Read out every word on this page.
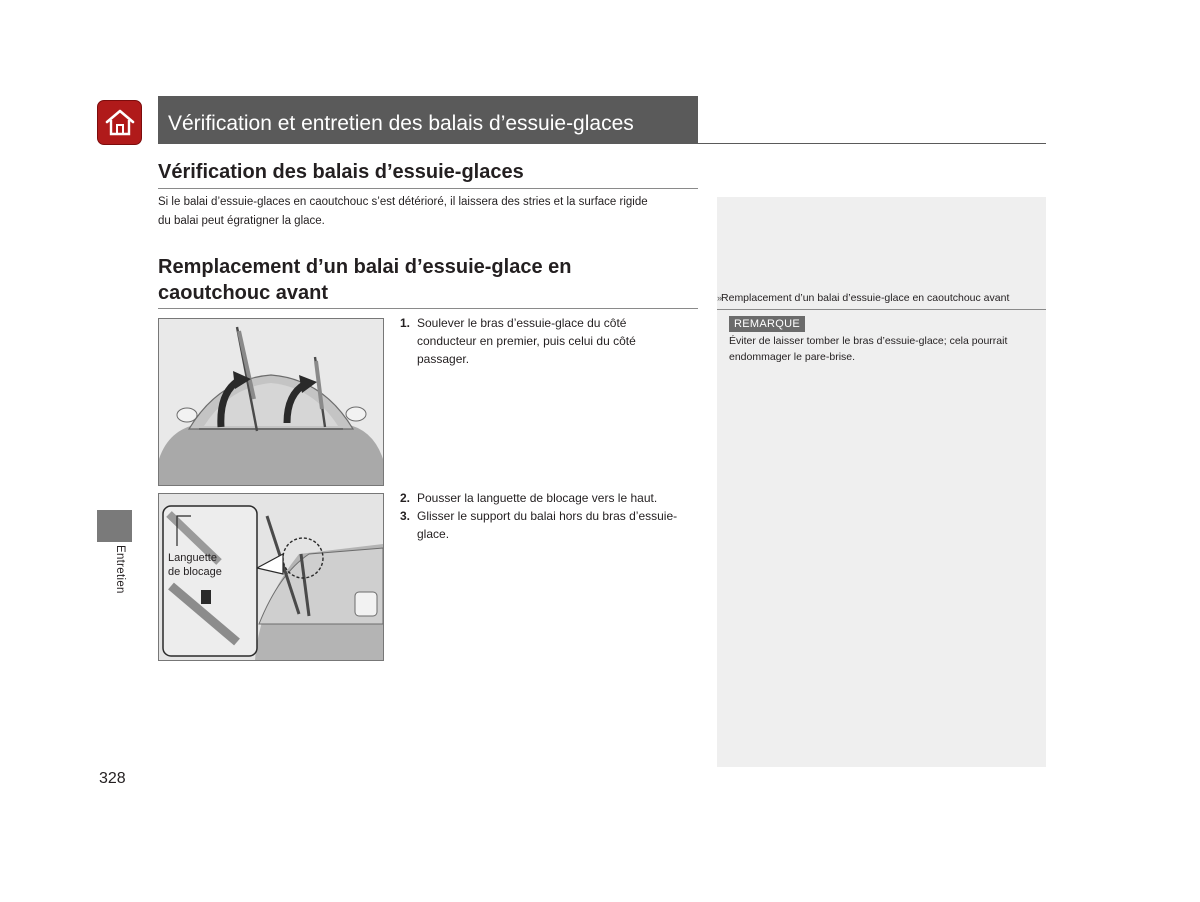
Vérification et entretien des balais d’essuie-glaces
Vérification des balais d’essuie-glaces
Si le balai d’essuie-glaces en caoutchouc s’est détérioré, il laissera des stries et la surface rigide
du balai peut égratigner la glace.
Remplacement d’un balai d’essuie-glace en
caoutchouc avant	»Remplacement d’un balai d’essuie-glace en caoutchouc avant
REMARQUE
Éviter de laisser tomber le bras d’essuie-glace; cela pourrait
endommager le pare-brise.
Languette
de blocage
1. Soulever le bras d’essuie-glace du côté
conducteur en premier, puis celui du côté
passager.
2. Pousser la languette de blocage vers le haut.
3. Glisser le support du balai hors du bras d’essuie-
glace.
Entretien
328
